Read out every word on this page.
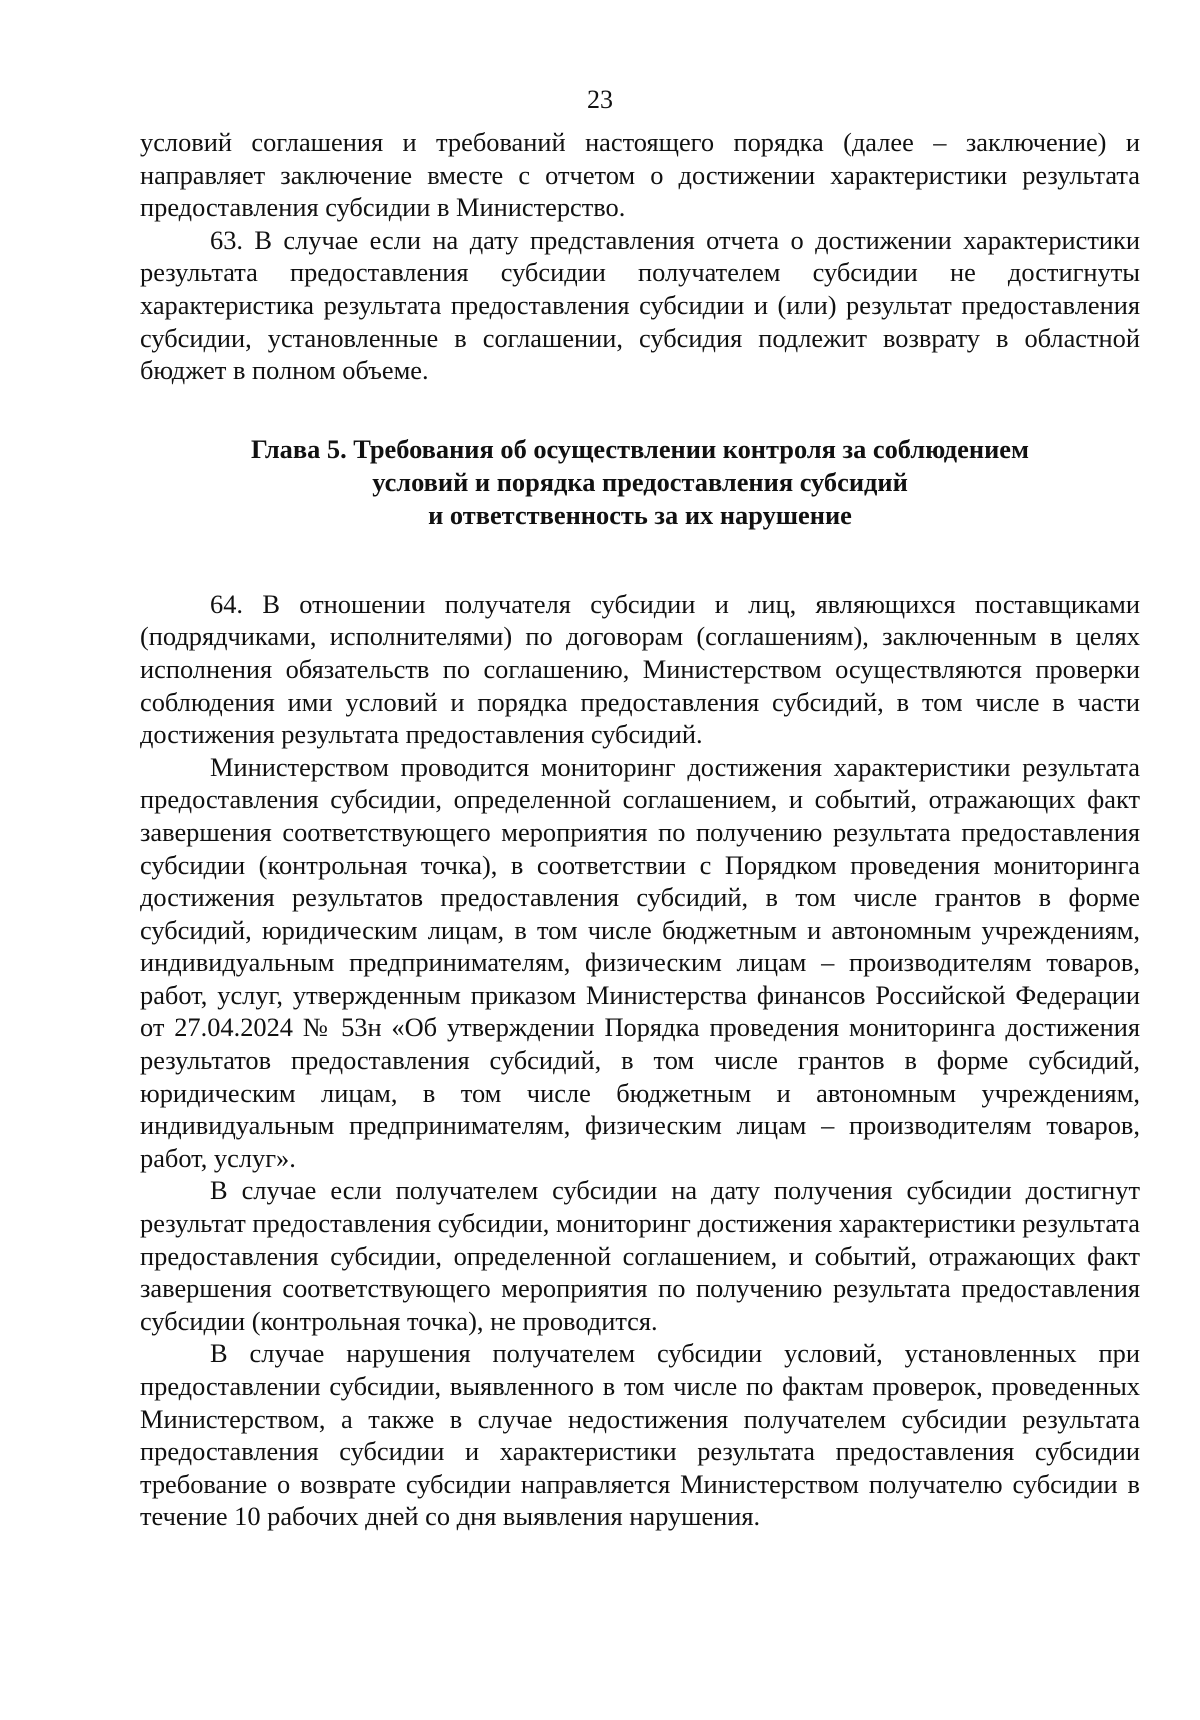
23

условий соглашения и требований настоящего порядка (далее – заключение) и направляет заключение вместе с отчетом о достижении характеристики результата предоставления субсидии в Министерство.

63. В случае если на дату представления отчета о достижении характеристики результата предоставления субсидии получателем субсидии не достигнуты характеристика результата предоставления субсидии и (или) результат предоставления субсидии, установленные в соглашении, субсидия подлежит возврату в областной бюджет в полном объеме.

Глава 5. Требования об осуществлении контроля за соблюдением
условий и порядка предоставления субсидий
и ответственность за их нарушение

64. В отношении получателя субсидии и лиц, являющихся поставщиками (подрядчиками, исполнителями) по договорам (соглашениям), заключенным в целях исполнения обязательств по соглашению, Министерством осуществляются проверки соблюдения ими условий и порядка предоставления субсидий, в том числе в части достижения результата предоставления субсидий.

Министерством проводится мониторинг достижения характеристики результата предоставления субсидии, определенной соглашением, и событий, отражающих факт завершения соответствующего мероприятия по получению результата предоставления субсидии (контрольная точка), в соответствии с Порядком проведения мониторинга достижения результатов предоставления субсидий, в том числе грантов в форме субсидий, юридическим лицам, в том числе бюджетным и автономным учреждениям, индивидуальным предпринимателям, физическим лицам – производителям товаров, работ, услуг, утвержденным приказом Министерства финансов Российской Федерации от 27.04.2024 № 53н «Об утверждении Порядка проведения мониторинга достижения результатов предоставления субсидий, в том числе грантов в форме субсидий, юридическим лицам, в том числе бюджетным и автономным учреждениям, индивидуальным предпринимателям, физическим лицам – производителям товаров, работ, услуг».

В случае если получателем субсидии на дату получения субсидии достигнут результат предоставления субсидии, мониторинг достижения характеристики результата предоставления субсидии, определенной соглашением, и событий, отражающих факт завершения соответствующего мероприятия по получению результата предоставления субсидии (контрольная точка), не проводится.

В случае нарушения получателем субсидии условий, установленных при предоставлении субсидии, выявленного в том числе по фактам проверок, проведенных Министерством, а также в случае недостижения получателем субсидии результата предоставления субсидии и характеристики результата предоставления субсидии требование о возврате субсидии направляется Министерством получателю субсидии в течение 10 рабочих дней со дня выявления нарушения.
